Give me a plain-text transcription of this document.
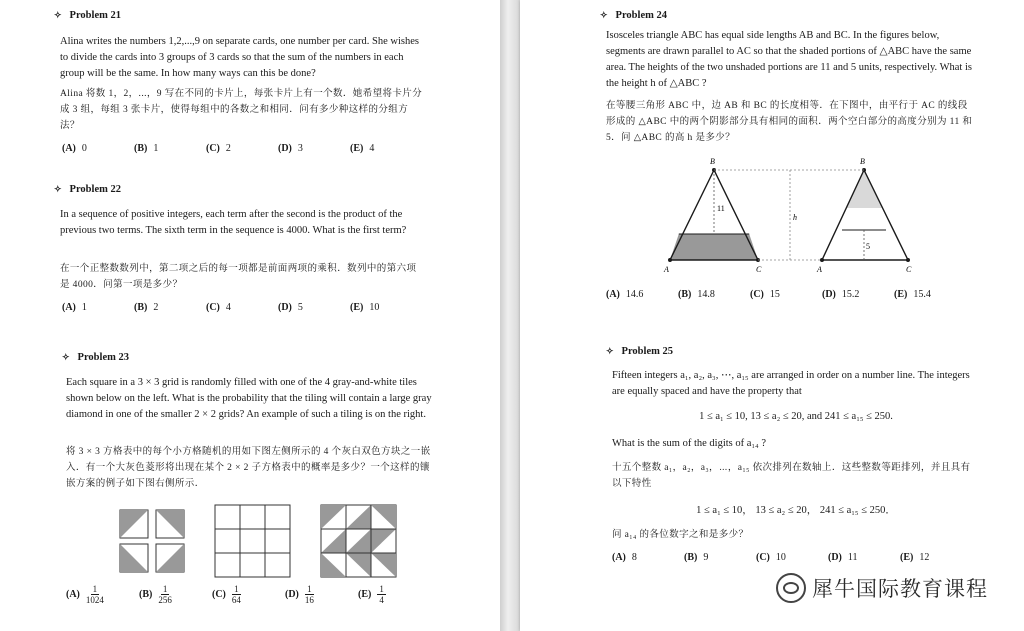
✧ Problem 21

Alina writes the numbers 1,2,...,9 on separate cards, one number per card. She wishes to divide the cards into 3 groups of 3 cards so that the sum of the numbers in each group will be the same. In how many ways can this be done?

Alina 将数 1，2，...，9 写在不同的卡片上，每张卡片上有一个数．她希望将卡片分成 3 组，每组 3 张卡片，使得每组中的各数之和相同．问有多少种这样的分组方法？

(A) 0	(B) 1	(C) 2	(D) 3	(E) 4
✧ Problem 22

In a sequence of positive integers, each term after the second is the product of the previous two terms. The sixth term in the sequence is 4000. What is the first term?

在一个正整数数列中，第二项之后的每一项都是前面两项的乘积．数列中的第六项是 4000．问第一项是多少？

(A) 1	(B) 2	(C) 4	(D) 5	(E) 10
✧ Problem 23

Each square in a 3 × 3 grid is randomly filled with one of the 4 gray-and-white tiles shown below on the left. What is the probability that the tiling will contain a large gray diamond in one of the smaller 2 × 2 grids? An example of such a tiling is on the right.

将 3 × 3 方格表中的每个小方格随机的用如下图左侧所示的 4 个灰白双色方块之一嵌入．有一个大灰色菱形将出现在某个 2 × 2 子方格表中的概率是多少？一个这样的镶嵌方案的例子如下图右侧所示．

$(A) \frac{1}{1024}$	$(B) \frac{1}{256}$	$(C) \frac{1}{64}$	$(D) \frac{1}{16}$	$(E) \frac{1}{4}$
✧ Problem 24

Isosceles triangle ABC has equal side lengths AB and BC. In the figures below, segments are drawn parallel to AC so that the shaded portions of △ABC have the same area. The heights of the two unshaded portions are 11 and 5 units, respectively. What is the height h of △ABC ?

在等腰三角形 ABC 中，边 AB 和 BC 的长度相等．在下图中，由平行于 AC 的线段形成的 △ABC 中的两个阴影部分具有相同的面积．两个空白部分的高度分别为 11 和 5．问 △ABC 的高 h 是多少？

B
A	C
11
B
A	C
5
h
(A) 14.6	(B) 14.8	(C) 15	(D) 15.2	(E) 15.4
✧ Problem 25

Fifteen integers a₁, a₂, a₃, ⋯, a₁₅ are arranged in order on a number line. The integers are equally spaced and have the property that

1 ≤ a₁ ≤ 10, 13 ≤ a₂ ≤ 20, and 241 ≤ a₁₅ ≤ 250.

What is the sum of the digits of a₁₄ ?

十五个整数 a₁，a₂，a₃，⋯，a₁₅ 依次排列在数轴上．这些整数等距排列，并且具有以下特性

1 ≤ a₁ ≤ 10， 13 ≤ a₂ ≤ 20， 241 ≤ a₁₅ ≤ 250．

问 a₁₄ 的各位数字之和是多少？

(A) 8	(B) 9	(C) 10	(D) 11	(E) 12
犀牛国际教育课程
